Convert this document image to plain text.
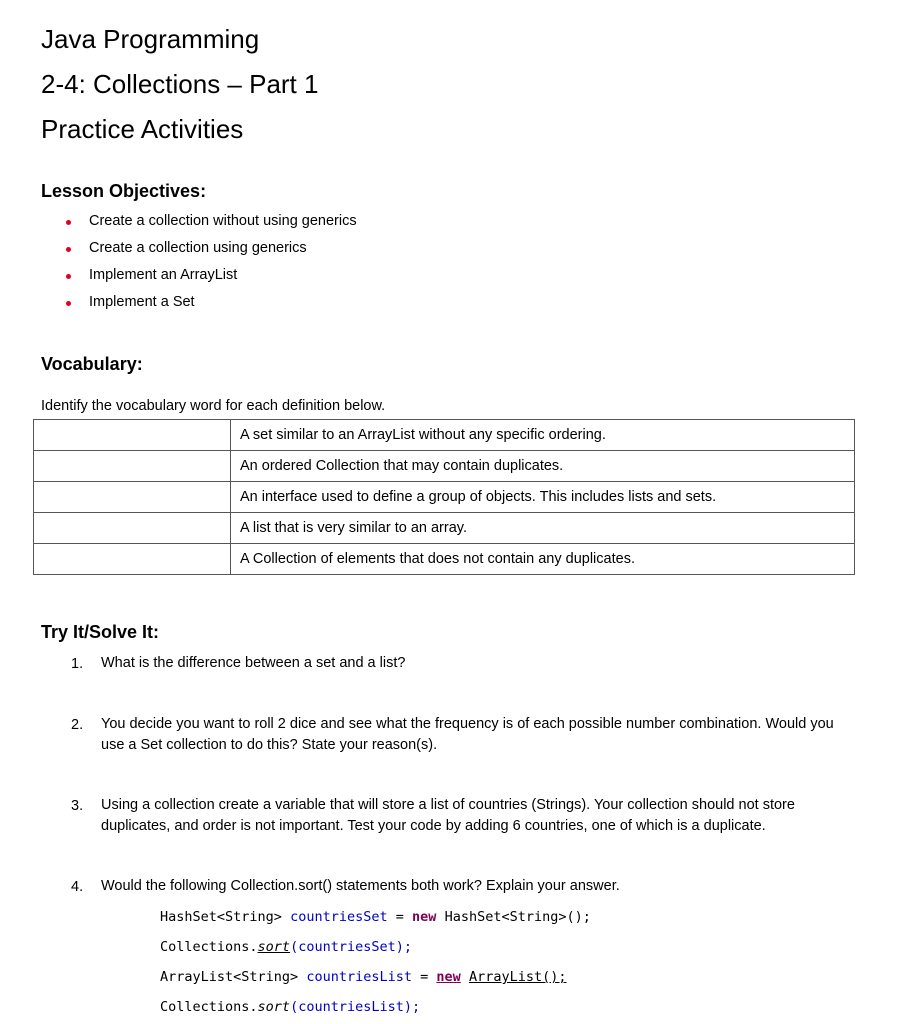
Java Programming
2-4: Collections – Part 1
Practice Activities
Lesson Objectives:
Create a collection without using generics
Create a collection using generics
Implement an ArrayList
Implement a Set
Vocabulary:
Identify the vocabulary word for each definition below.
	A set similar to an ArrayList without any specific ordering.
	An ordered Collection that may contain duplicates.
	An interface used to define a group of objects. This includes lists and sets.
	A list that is very similar to an array.
	A Collection of elements that does not contain any duplicates.
Try It/Solve It:
1. What is the difference between a set and a list?
2. You decide you want to roll 2 dice and see what the frequency is of each possible number combination. Would you
use a Set collection to do this? State your reason(s).
3. Using a collection create a variable that will store a list of countries (Strings). Your collection should not store
duplicates, and order is not important. Test your code by adding 6 countries, one of which is a duplicate.
4. Would the following Collection.sort() statements both work? Explain your answer.
HashSet<String> countriesSet = new HashSet<String>();
Collections.sort(countriesSet);
ArrayList<String> countriesList = new ArrayList();
Collections.sort(countriesList);
